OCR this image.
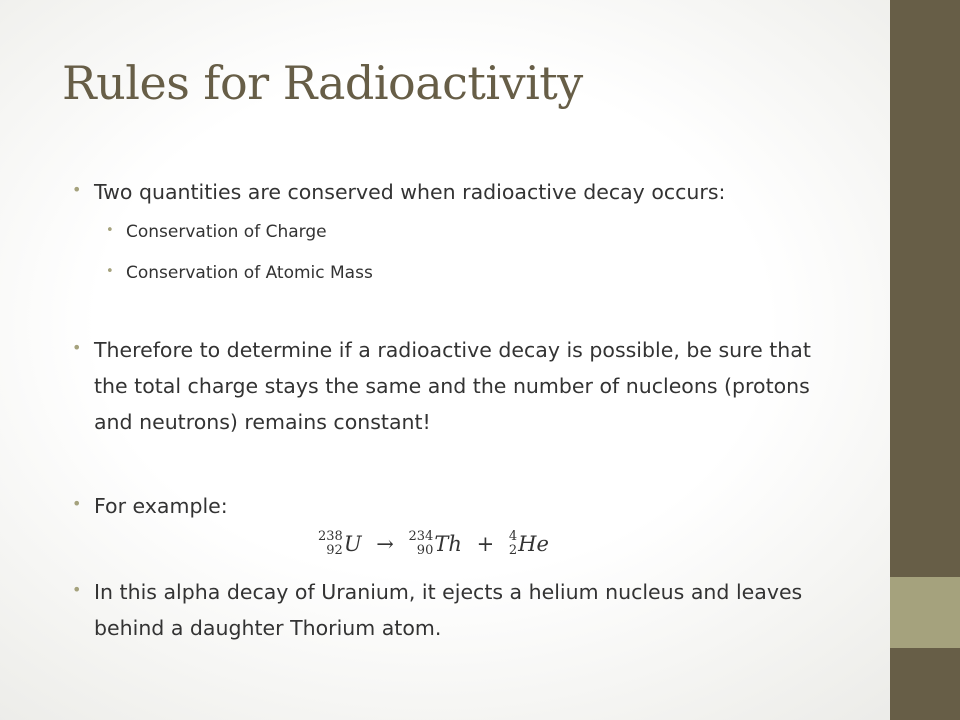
Rules for Radioactivity
• Two quantities are conserved when radioactive decay occurs:
• Conservation of Charge
• Conservation of Atomic Mass
• Therefore to determine if a radioactive decay is possible, be sure that the total charge stays the same and the number of nucleons (protons and neutrons) remains constant!
• For example:
238
92 U → 234
90 Th + 4
2 He
• In this alpha decay of Uranium, it ejects a helium nucleus and leaves behind a daughter Thorium atom.
